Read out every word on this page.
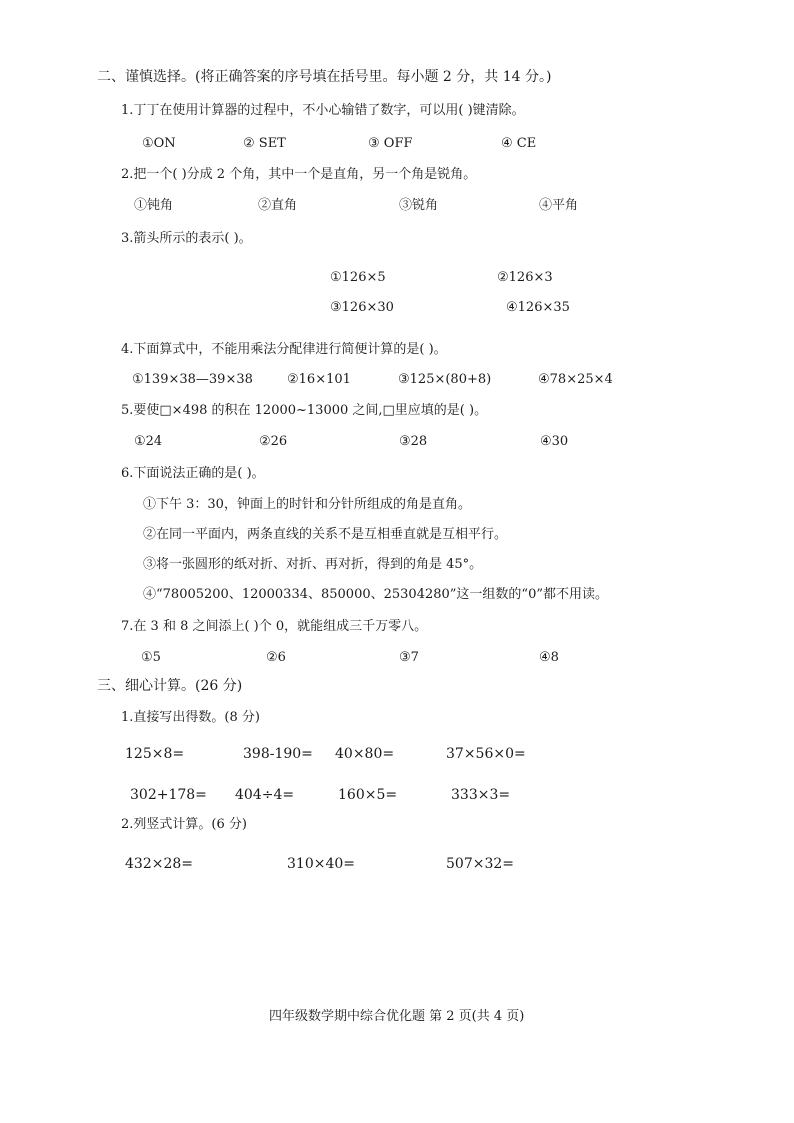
二、谨慎选择。(将正确答案的序号填在括号里。每小题 2 分，共 14 分。)
1.丁丁在使用计算器的过程中，不小心输错了数字，可以用( )键清除。
①ON	② SET	③ OFF	④ CE
2.把一个( )分成 2 个角，其中一个是直角，另一个角是锐角。
①钝角	②直角	③锐角	④平角
3.箭头所示的表示( )。
①126×5	②126×3
③126×30	④126×35
4.下面算式中，不能用乘法分配律进行简便计算的是( )。
①139×38—39×38	②16×101	③125×(80+8)	④78×25×4
5.要使□×498 的积在 12000~13000 之间,□里应填的是( )。
①24	②26	③28	④30
6.下面说法正确的是( )。
①下午 3：30，钟面上的时针和分针所组成的角是直角。
②在同一平面内，两条直线的关系不是互相垂直就是互相平行。
③将一张圆形的纸对折、对折、再对折，得到的角是 45°。
④“78005200、12000334、850000、25304280”这一组数的“0”都不用读。
7.在 3 和 8 之间添上( )个 0，就能组成三千万零八。
①5	②6	③7	④8
三、细心计算。(26 分)
1.直接写出得数。(8 分)
125×8=	398-190= 40×80=	37×56×0=
302+178= 404÷4=	160×5=	333×3=
2.列竖式计算。(6 分)
432×28=	310×40=	507×32=
四年级数学期中综合优化题 第 2 页(共 4 页)
